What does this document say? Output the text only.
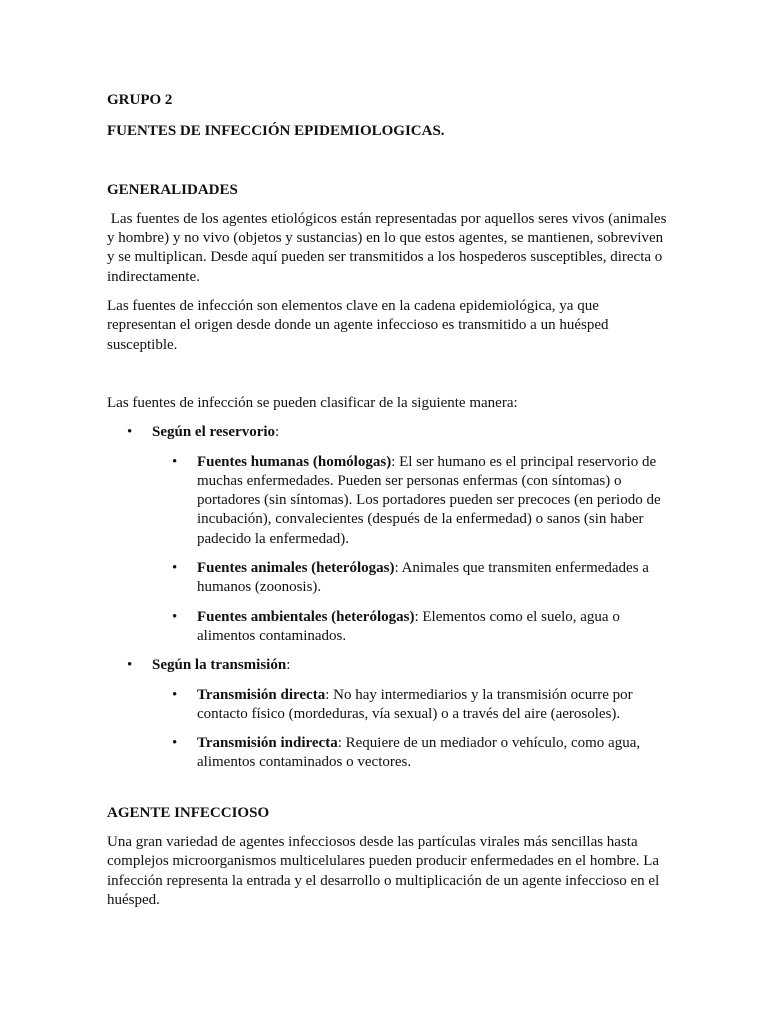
GRUPO 2

FUENTES DE INFECCIÓN EPIDEMIOLOGICAS.

GENERALIDADES

Las fuentes de los agentes etiológicos están representadas por aquellos seres vivos (animales y hombre) y no vivo (objetos y sustancias) en lo que estos agentes, se mantienen, sobreviven y se multiplican. Desde aquí pueden ser transmitidos a los hospederos susceptibles, directa o indirectamente.

Las fuentes de infección son elementos clave en la cadena epidemiológica, ya que representan el origen desde donde un agente infeccioso es transmitido a un huésped susceptible.

Las fuentes de infección se pueden clasificar de la siguiente manera:

• Según el reservorio:
• Fuentes humanas (homólogas): El ser humano es el principal reservorio de muchas enfermedades. Pueden ser personas enfermas (con síntomas) o portadores (sin síntomas). Los portadores pueden ser precoces (en periodo de incubación), convalecientes (después de la enfermedad) o sanos (sin haber padecido la enfermedad).
• Fuentes animales (heterólogas): Animales que transmiten enfermedades a humanos (zoonosis).
• Fuentes ambientales (heterólogas): Elementos como el suelo, agua o alimentos contaminados.
• Según la transmisión:
• Transmisión directa: No hay intermediarios y la transmisión ocurre por contacto físico (mordeduras, vía sexual) o a través del aire (aerosoles).
• Transmisión indirecta: Requiere de un mediador o vehículo, como agua, alimentos contaminados o vectores.

AGENTE INFECCIOSO

Una gran variedad de agentes infecciosos desde las partículas virales más sencillas hasta complejos microorganismos multicelulares pueden producir enfermedades en el hombre. La infección representa la entrada y el desarrollo o multiplicación de un agente infeccioso en el huésped.
